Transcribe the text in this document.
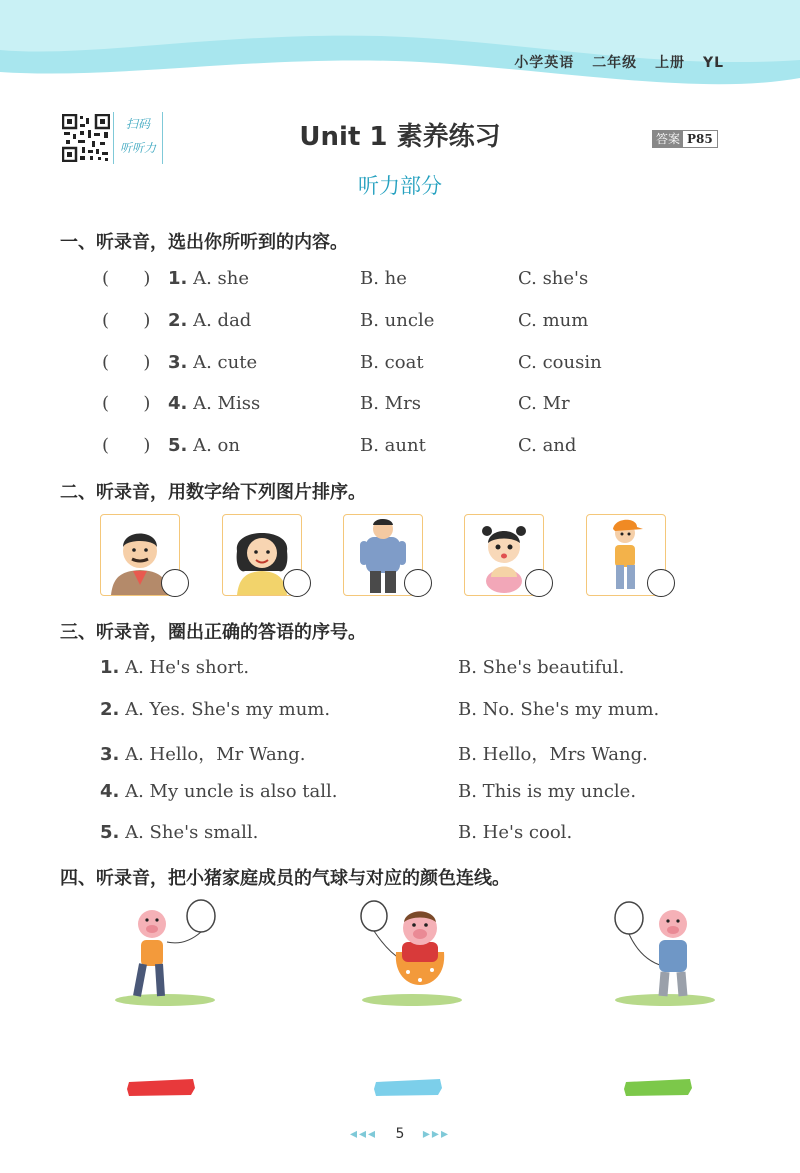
小学英语 二年级 上册 YL
扫码
听听力	Unit 1 素养练习	答案 P85
听力部分
一、听录音，选出你所听到的内容。
(      ) 1. A. she	B. he	C. she's
(      ) 2. A. dad	B. uncle	C. mum
(      ) 3. A. cute	B. coat	C. cousin
(      ) 4. A. Miss	B. Mrs	C. Mr
(      ) 5. A. on	B. aunt	C. and
二、听录音，用数字给下列图片排序。
三、听录音，圈出正确的答语的序号。
1. A. He's short.	B. She's beautiful.
2. A. Yes. She's my mum.	B. No. She's my mum.
3. A. Hello，Mr Wang.	B. Hello，Mrs Wang.
4. A. My uncle is also tall.	B. This is my uncle.
5. A. She's small.	B. He's cool.
四、听录音，把小猪家庭成员的气球与对应的颜色连线。
◂◂◂ 5 ▸▸▸
